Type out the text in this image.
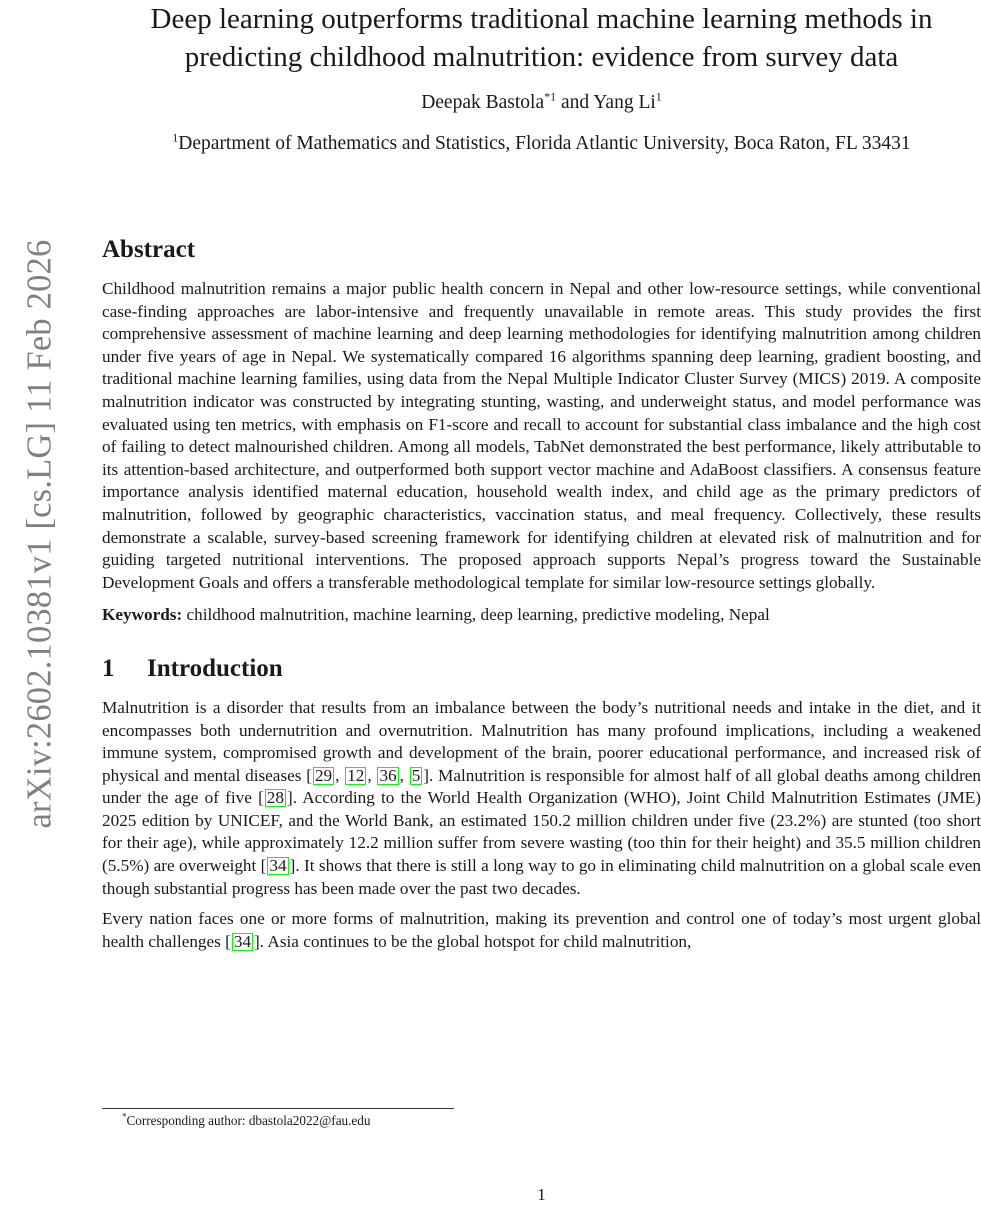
arXiv:2602.10381v1 [cs.LG] 11 Feb 2026
Deep learning outperforms traditional machine learning methods in
predicting childhood malnutrition: evidence from survey data
Deepak Bastola$^{*1}$ and Yang Li$^1$
$^1$Department of Mathematics and Statistics, Florida Atlantic University, Boca Raton, FL 33431
Abstract

Childhood malnutrition remains a major public health concern in Nepal and other low-resource settings, while conventional case-finding approaches are labor-intensive and frequently unavailable in remote areas. This study provides the first comprehensive assessment of machine learning and deep learning methodologies for identifying malnutrition among children under five years of age in Nepal. We systematically compared 16 algorithms spanning deep learning, gradient boosting, and traditional machine learning families, using data from the Nepal Multiple Indicator Cluster Survey (MICS) 2019. A composite malnutrition indicator was constructed by integrating stunting, wasting, and underweight status, and model performance was evaluated using ten metrics, with emphasis on F1-score and recall to account for substantial class imbalance and the high cost of failing to detect malnourished children. Among all models, TabNet demonstrated the best performance, likely attributable to its attention-based architecture, and outperformed both support vector machine and AdaBoost classifiers. A consensus feature importance analysis identified maternal education, household wealth index, and child age as the primary predictors of malnutrition, followed by geographic characteristics, vaccination status, and meal frequency. Collectively, these results demonstrate a scalable, survey-based screening framework for identifying children at elevated risk of malnutrition and for guiding targeted nutritional interventions. The proposed approach supports Nepal’s progress toward the Sustainable Development Goals and offers a transferable methodological template for similar low-resource settings globally.

Keywords: childhood malnutrition, machine learning, deep learning, predictive modeling, Nepal

1 Introduction

Malnutrition is a disorder that results from an imbalance between the body’s nutritional needs and intake in the diet, and it encompasses both undernutrition and overnutrition. Malnutrition has many profound implications, including a weakened immune system, compromised growth and development of the brain, poorer educational performance, and increased risk of physical and mental diseases [ 29 , 12 , 36 , 5 ]. Malnutrition is responsible for almost half of all global deaths among children under the age of five [ 28 ]. According to the World Health Organization (WHO), Joint Child Malnutrition Estimates (JME) 2025 edition by UNICEF, and the World Bank, an estimated 150.2 million children under five (23.2%) are stunted (too short for their age), while approximately 12.2 million suffer from severe wasting (too thin for their height) and 35.5 million children (5.5%) are overweight [ 34 ]. It shows that there is still a long way to go in eliminating child malnutrition on a global scale even though substantial progress has been made over the past two decades.

Every nation faces one or more forms of malnutrition, making its prevention and control one of today’s most urgent global health challenges [ 34 ]. Asia continues to be the global hotspot for child malnutrition,

*Corresponding author: dbastola2022@fau.edu
1
